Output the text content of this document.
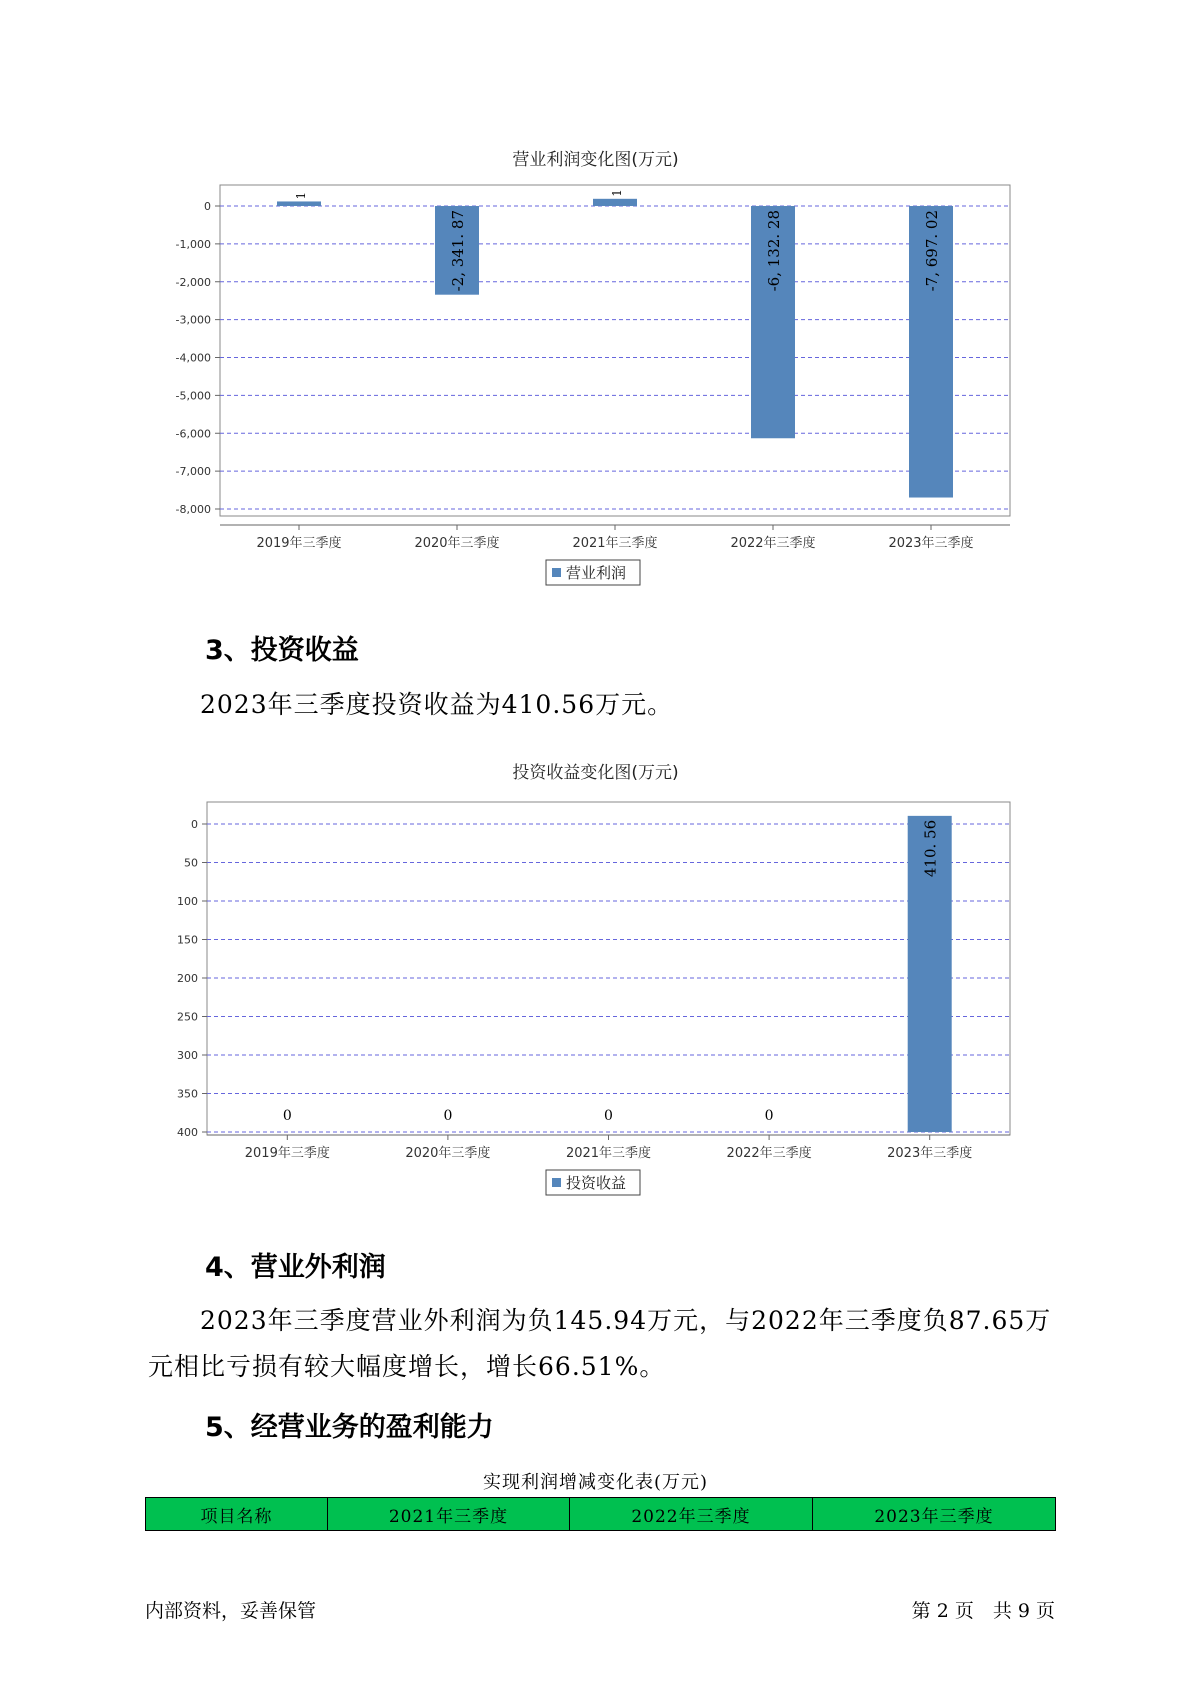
营业利润变化图(万元)
0
-1,000
-2,000
-3,000
-4,000
-5,000
-6,000
-7,000
-8,000
1
2019年三季度
-2, 341. 87
2020年三季度
1
2021年三季度
-6, 132. 28
2022年三季度
-7, 697. 02
2023年三季度
营业利润
3、投资收益
2023年三季度投资收益为410.56万元。
投资收益变化图(万元)
0
50
100
150
200
250
300
350
400
0
2019年三季度
0
2020年三季度
0
2021年三季度
0
2022年三季度
410. 56
2023年三季度
投资收益
4、营业外利润
2023年三季度营业外利润为负145.94万元，与2022年三季度负87.65万元相比亏损有较大幅度增长，增长66.51%。
5、经营业务的盈利能力
实现利润增减变化表(万元)
项目名称	2021年三季度	2022年三季度	2023年三季度
内部资料，妥善保管	第 2 页　共 9 页
